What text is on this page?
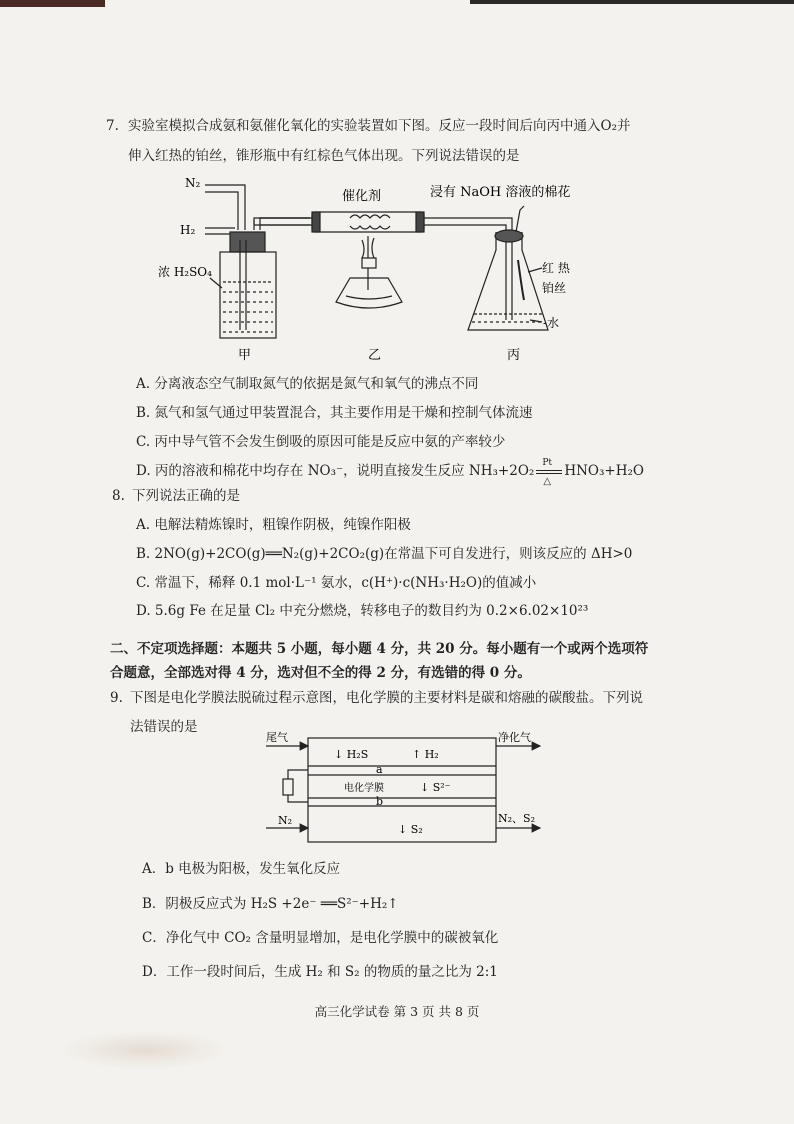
7. 实验室模拟合成氨和氨催化氧化的实验装置如下图。反应一段时间后向丙中通入O₂并
伸入红热的铂丝，锥形瓶中有红棕色气体出现。下列说法错误的是
N₂
H₂
浓 H₂SO₄
催化剂	浸有 NaOH 溶液的棉花
红 热
铂丝
-水
甲	乙	丙
A. 分离液态空气制取氮气的依据是氮气和氧气的沸点不同
B. 氮气和氢气通过甲装置混合，其主要作用是干燥和控制气体流速
C. 丙中导气管不会发生倒吸的原因可能是反应中氨的产率较少
D. 丙的溶液和棉花中均存在 NO₃⁻，说明直接发生反应 NH₃+2O₂
Pt
△
HNO₃+H₂O
8. 下列说法正确的是
A. 电解法精炼镍时，粗镍作阴极，纯镍作阳极
B. 2NO(g)+2CO(g)══N₂(g)+2CO₂(g)在常温下可自发进行，则该反应的 ΔH>0
C. 常温下，稀释 0.1 mol·L⁻¹ 氨水，c(H⁺)·c(NH₃·H₂O)的值减小
D. 5.6g Fe 在足量 Cl₂ 中充分燃烧，转移电子的数目约为 0.2×6.02×10²³
二、不定项选择题：本题共 5 小题，每小题 4 分，共 20 分。每小题有一个或两个选项符
合题意，全部选对得 4 分，选对但不全的得 2 分，有选错的得 0 分。
9. 下图是电化学膜法脱硫过程示意图，电化学膜的主要材料是碳和熔融的碳酸盐。下列说
法错误的是
尾气	净化气
↓ H₂S	↑ H₂
a
电化学膜	↓ S²⁻
b
N₂
↓ S₂
N₂、S₂
A．b 电极为阳极，发生氧化反应
B．阴极反应式为 H₂S +2e⁻ ══S²⁻+H₂↑
C．净化气中 CO₂ 含量明显增加，是电化学膜中的碳被氧化
D．工作一段时间后，生成 H₂ 和 S₂ 的物质的量之比为 2:1
高三化学试卷 第 3 页 共 8 页
